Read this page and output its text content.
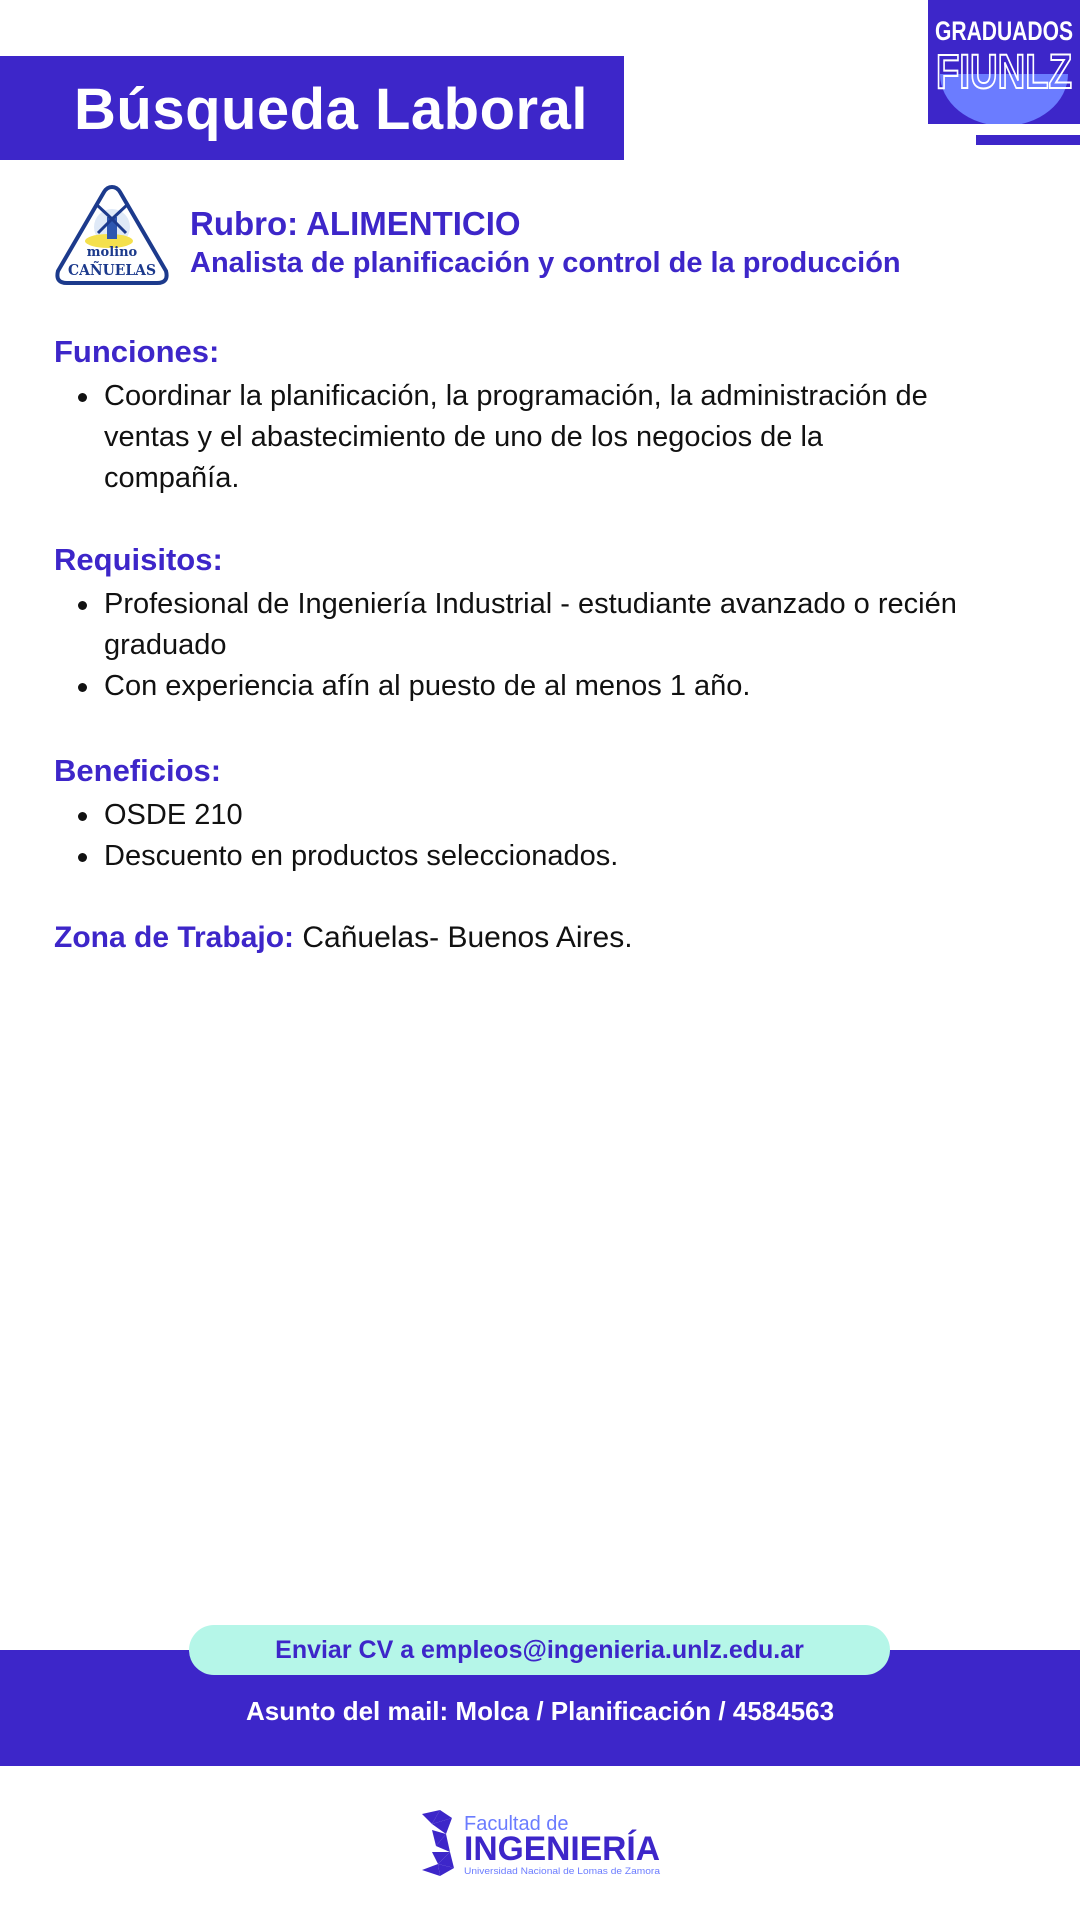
Búsqueda Laboral
GRADUADOS
FIUNLZ
molino
CAÑUELAS
Rubro: ALIMENTICIO
Analista de planificación y control de la producción
Funciones:
Coordinar la planificación, la programación, la administración de ventas y el abastecimiento de uno de los negocios de la compañía.
Requisitos:
Profesional de Ingeniería Industrial - estudiante avanzado o recién graduado
Con experiencia afín al puesto de al menos 1 año.
Beneficios:
OSDE 210
Descuento en productos seleccionados.
Zona de Trabajo: Cañuelas- Buenos Aires.
Enviar CV a empleos@ingenieria.unlz.edu.ar
Asunto del mail: Molca / Planificación / 4584563
Facultad de
INGENIERÍA
Universidad Nacional de Lomas de Zamora
